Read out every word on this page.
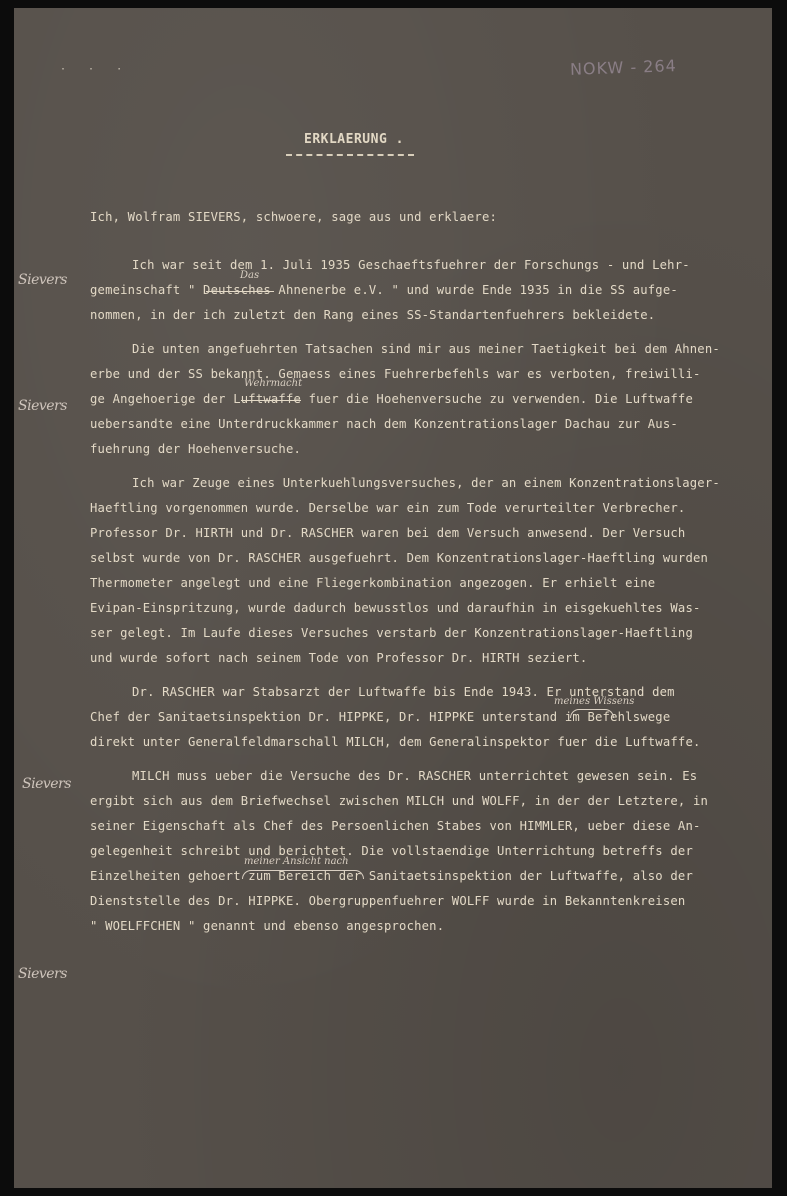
· · ·	NOKW - 264
ERKLAERUNG .

Ich, Wolfram SIEVERS, schwoere, sage aus und erklaere:

Ich war seit dem 1. Juli 1935 Geschaeftsfuehrer der Forschungs - und Lehr-

gemeinschaft " Deutsches Ahnenerbe e.V. " und wurde Ende 1935 in die SS aufge-

nommen, in der ich zuletzt den Rang eines SS-Standartenfuehrers bekleidete.

Die unten angefuehrten Tatsachen sind mir aus meiner Taetigkeit bei dem Ahnen-

erbe und der SS bekannt. Gemaess eines Fuehrerbefehls war es verboten, freiwilli-

ge Angehoerige der Luftwaffe fuer die Hoehenversuche zu verwenden. Die Luftwaffe

uebersandte eine Unterdruckkammer nach dem Konzentrationslager Dachau zur Aus-

fuehrung der Hoehenversuche.

Ich war Zeuge eines Unterkuehlungsversuches, der an einem Konzentrationslager-

Haeftling vorgenommen wurde. Derselbe war ein zum Tode verurteilter Verbrecher.

Professor Dr. HIRTH und Dr. RASCHER waren bei dem Versuch anwesend. Der Versuch

selbst wurde von Dr. RASCHER ausgefuehrt. Dem Konzentrationslager-Haeftling wurden

Thermometer angelegt und eine Fliegerkombination angezogen. Er erhielt eine

Evipan-Einspritzung, wurde dadurch bewusstlos und daraufhin in eisgekuehltes Was-

ser gelegt. Im Laufe dieses Versuches verstarb der Konzentrationslager-Haeftling

und wurde sofort nach seinem Tode von Professor Dr. HIRTH seziert.

Dr. RASCHER war Stabsarzt der Luftwaffe bis Ende 1943. Er unterstand dem

Chef der Sanitaetsinspektion Dr. HIPPKE, Dr. HIPPKE unterstand im Befehlswege

direkt unter Generalfeldmarschall MILCH, dem Generalinspektor fuer die Luftwaffe.

MILCH muss ueber die Versuche des Dr. RASCHER unterrichtet gewesen sein. Es

ergibt sich aus dem Briefwechsel zwischen MILCH und WOLFF, in der der Letztere, in

seiner Eigenschaft als Chef des Persoenlichen Stabes von HIMMLER, ueber diese An-

gelegenheit schreibt und berichtet. Die vollstaendige Unterrichtung betreffs der

Einzelheiten gehoert zum Bereich der Sanitaetsinspektion der Luftwaffe, also der

Dienststelle des Dr. HIPPKE. Obergruppenfuehrer WOLFF wurde in Bekanntenkreisen

" WOELFFCHEN " genannt und ebenso angesprochen.

Das
Wehrmacht
meines Wissens
meiner Ansicht nach
Sievers
Sievers
Sievers
Sievers
